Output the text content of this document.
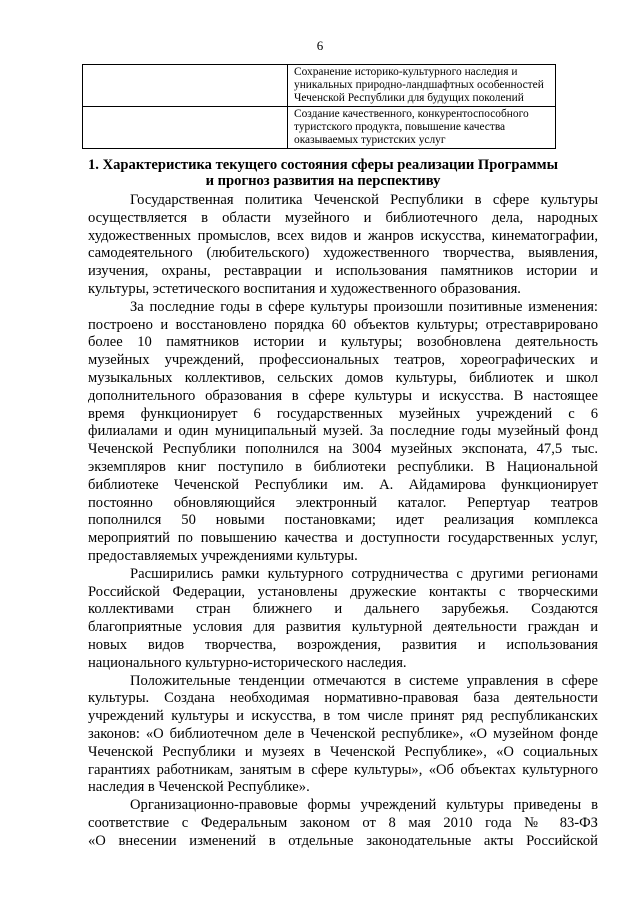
6

	Сохранение историко-культурного наследия и
уникальных природно-ландшафтных особенностей
Чеченской Республики для будущих поколений

	Создание качественного, конкурентоспособного
туристского продукта, повышение качества
оказываемых туристских услуг
1. Характеристика текущего состояния сферы реализации Программы
и прогноз развития на перспективу
Государственная политика Чеченской Республики в сфере культуры
осуществляется в области музейного и библиотечного дела, народных
художественных промыслов, всех видов и жанров искусства, кинематографии,
самодеятельного (любительского) художественного творчества, выявления,
изучения, охраны, реставрации и использования памятников истории и
культуры, эстетического воспитания и художественного образования.
За последние годы в сфере культуры произошли позитивные изменения:
построено и восстановлено порядка 60 объектов культуры; отреставрировано
более 10 памятников истории и культуры; возобновлена деятельность
музейных учреждений, профессиональных театров, хореографических и
музыкальных коллективов, сельских домов культуры, библиотек и школ
дополнительного образования в сфере культуры и искусства. В настоящее
время функционирует 6 государственных музейных учреждений с 6
филиалами и один муниципальный музей. За последние годы музейный фонд
Чеченской Республики пополнился на 3004 музейных экспоната, 47,5 тыс.
экземпляров книг поступило в библиотеки республики. В Национальной
библиотеке Чеченской Республики им. А. Айдамирова функционирует
постоянно обновляющийся электронный каталог. Репертуар театров
пополнился 50 новыми постановками; идет реализация комплекса
мероприятий по повышению качества и доступности государственных услуг,
предоставляемых учреждениями культуры.
Расширились рамки культурного сотрудничества с другими регионами
Российской Федерации, установлены дружеские контакты с творческими
коллективами стран ближнего и дальнего зарубежья. Создаются
благоприятные условия для развития культурной деятельности граждан и
новых видов творчества, возрождения, развития и использования
национального культурно-исторического наследия.
Положительные тенденции отмечаются в системе управления в сфере
культуры. Создана необходимая нормативно-правовая база деятельности
учреждений культуры и искусства, в том числе принят ряд республиканских
законов: «О библиотечном деле в Чеченской республике», «О музейном фонде
Чеченской Республики и музеях в Чеченской Республике», «О социальных
гарантиях работникам, занятым в сфере культуры», «Об объектах культурного
наследия в Чеченской Республике».
Организационно-правовые формы учреждений культуры приведены в
соответствие с Федеральным законом от 8 мая 2010 года № 83-ФЗ
«О внесении изменений в отдельные законодательные акты Российской
